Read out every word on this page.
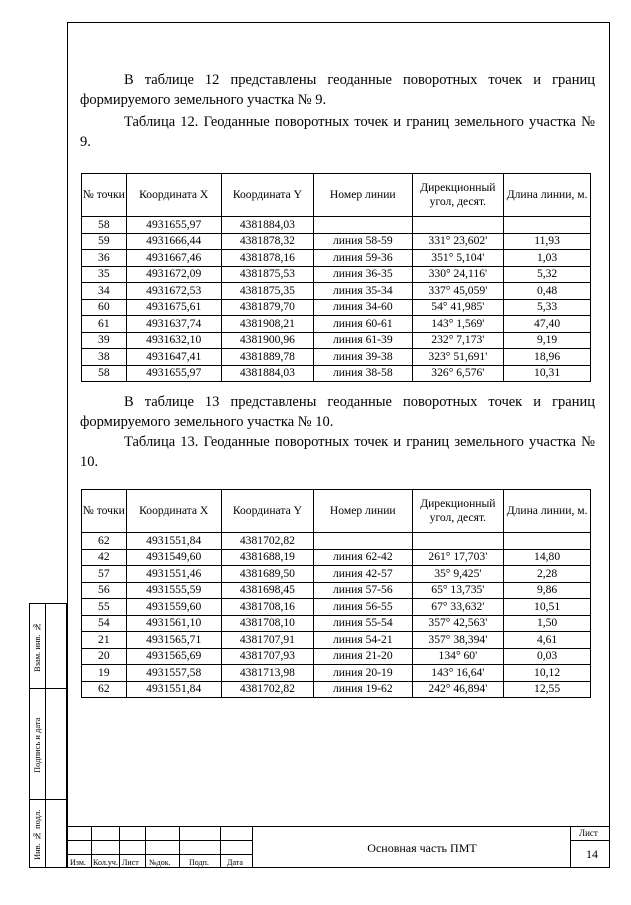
В таблице 12 представлены геоданные поворотных точек и границ формируемого земельного участка № 9.

Таблица 12. Геоданные поворотных точек и границ земельного участка № 9.

№ точки	Координата X	Координата Y	Номер линии	Дирекционный угол, десят.	Длина линии, м.
58	4931655,97	4381884,03			
59	4931666,44	4381878,32	линия 58-59	331° 23,602'	11,93
36	4931667,46	4381878,16	линия 59-36	351° 5,104'	1,03
35	4931672,09	4381875,53	линия 36-35	330° 24,116'	5,32
34	4931672,53	4381875,35	линия 35-34	337° 45,059'	0,48
60	4931675,61	4381879,70	линия 34-60	54° 41,985'	5,33
61	4931637,74	4381908,21	линия 60-61	143° 1,569'	47,40
39	4931632,10	4381900,96	линия 61-39	232° 7,173'	9,19
38	4931647,41	4381889,78	линия 39-38	323° 51,691'	18,96
58	4931655,97	4381884,03	линия 38-58	326° 6,576'	10,31

В таблице 13 представлены геоданные поворотных точек и границ формируемого земельного участка № 10.

Таблица 13. Геоданные поворотных точек и границ земельного участка № 10.

№ точки	Координата X	Координата Y	Номер линии	Дирекционный угол, десят.	Длина линии, м.
62	4931551,84	4381702,82			
42	4931549,60	4381688,19	линия 62-42	261° 17,703'	14,80
57	4931551,46	4381689,50	линия 42-57	35° 9,425'	2,28
56	4931555,59	4381698,45	линия 57-56	65° 13,735'	9,86
55	4931559,60	4381708,16	линия 56-55	67° 33,632'	10,51
54	4931561,10	4381708,10	линия 55-54	357° 42,563'	1,50
21	4931565,71	4381707,91	линия 54-21	357° 38,394'	4,61
20	4931565,69	4381707,93	линия 21-20	134° 60'	0,03
19	4931557,58	4381713,98	линия 20-19	143° 16,64'	10,12
62	4931551,84	4381702,82	линия 19-62	242° 46,894'	12,55
Взам. инв. №
Подпись и дата
Инв. № подл.
Изм. Кол.уч. Лист №док. Подп. Дата
Основная часть ПМТ
Лист
14
